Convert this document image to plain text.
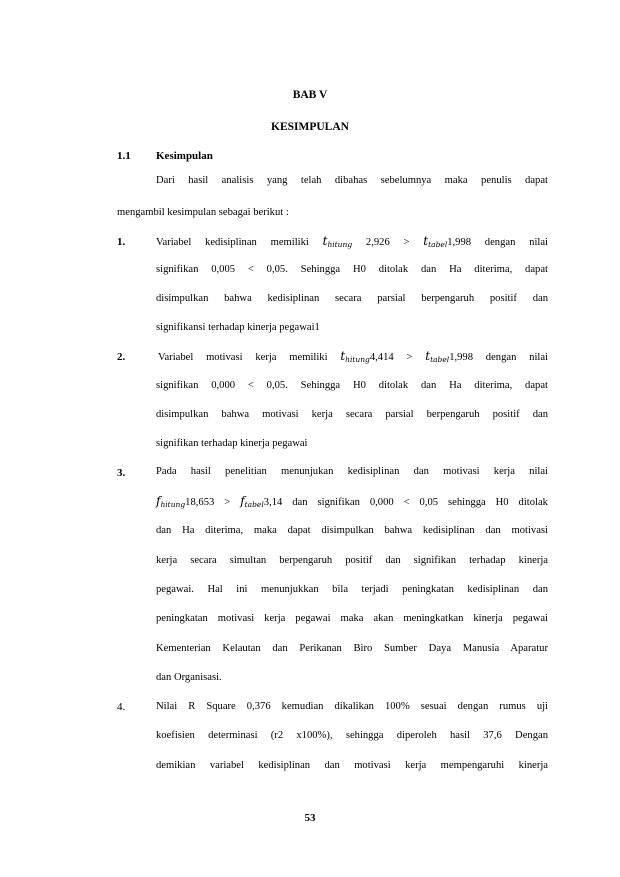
BAB V
KESIMPULAN
1.1 Kesimpulan
Dari hasil analisis yang telah dibahas sebelumnya maka penulis dapat
mengambil kesimpulan sebagai berikut :
1.	Variabel kedisiplinan memiliki $t_{hitung}$ $2,926 > t_{tabel}1,998$ dengan nilai
signifikan 0,005 < 0,05. Sehingga H0 ditolak dan Ha diterima, dapat
disimpulkan bahwa kedisiplinan secara parsial berpengaruh positif dan
signifikansi terhadap kinerja pegawai1
2.	Variabel motivasi kerja memiliki $t_{hitung}4,414 > t_{tabel}1,998$ dengan nilai
signifikan 0,000 < 0,05. Sehingga H0 ditolak dan Ha diterima, dapat
disimpulkan bahwa motivasi kerja secara parsial berpengaruh positif dan
signifikan terhadap kinerja pegawai
3.	Pada hasil penelitian menunjukan kedisiplinan dan motivasi kerja nilai
$f_{hitung}18,653 > f_{tabel}3,14$ dan signifikan 0,000 < 0,05 sehingga H0 ditolak
dan Ha diterima, maka dapat disimpulkan bahwa kedisiplinan dan motivasi
kerja secara simultan berpengaruh positif dan signifikan terhadap kinerja
pegawai. Hal ini menunjukkan bila terjadi peningkatan kedisiplinan dan
peningkatan motivasi kerja pegawai maka akan meningkatkan kinerja pegawai
Kementerian Kelautan dan Perikanan Biro Sumber Daya Manusia Aparatur
dan Organisasi.
4.	Nilai R Square 0,376 kemudian dikalikan 100% sesuai dengan rumus uji
koefisien determinasi (r2 x100%), sehingga diperoleh hasil 37,6 Dengan
demikian variabel kedisiplinan dan motivasi kerja mempengaruhi kinerja
53
